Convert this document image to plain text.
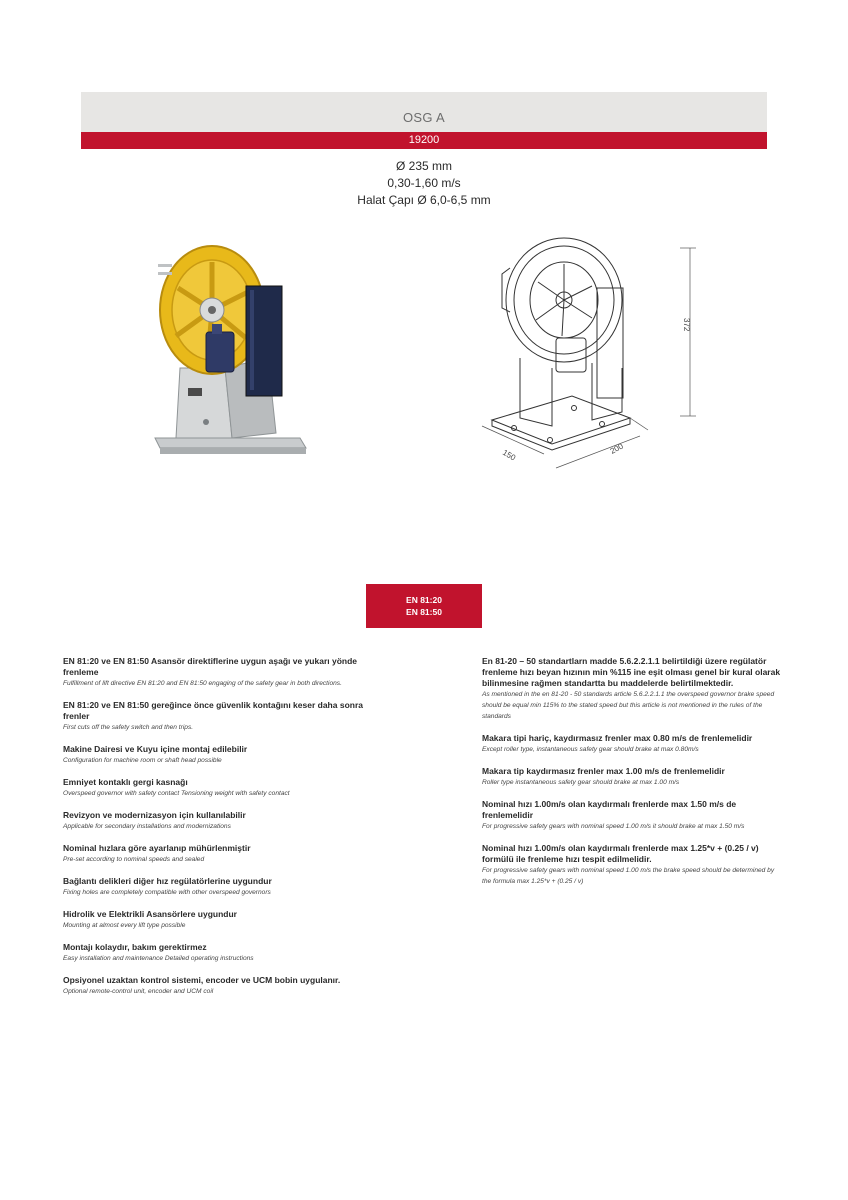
OSG A
19200
Ø 235 mm
0,30-1,60 m/s
Halat Çapı Ø 6,0-6,5 mm
372
200
150
EN 81:20
EN 81:50
EN 81:20 ve EN 81:50 Asansör direktiflerine uygun aşağı ve yukarı yönde frenleme
Fulfillment of lift directive EN 81:20 and EN 81:50 engaging of the safety gear in both directions.
EN 81:20 ve EN 81:50 gereğince önce güvenlik kontağını keser daha sonra frenler
First cuts off the safety switch and then trips.
Makine Dairesi ve Kuyu içine montaj edilebilir
Configuration for machine room or shaft head possible
Emniyet kontaklı gergi kasnağı
Overspeed governor with safety contact Tensioning weight with safety contact
Revizyon ve modernizasyon için kullanılabilir
Applicable for secondary installations and modernizations
Nominal hızlara göre ayarlanıp mühürlenmiştir
Pre-set according to nominal speeds and sealed
Bağlantı delikleri diğer hız regülatörlerine uygundur
Fixing holes are completely compatible with other overspeed governors
Hidrolik ve Elektrikli Asansörlere uygundur
Mounting at almost every lift type possible
Montajı kolaydır, bakım gerektirmez
Easy installation and maintenance Detailed operating instructions
Opsiyonel uzaktan kontrol sistemi, encoder ve UCM bobin uygulanır.
Optional remote-control unit, encoder and UCM coil
En 81-20 – 50 standartlarn madde 5.6.2.2.1.1 belirtildiği üzere regülatör frenleme hızı beyan hızının min %115 ine eşit olması genel bir kural olarak bilinmesine rağmen standartta bu maddelerde belirtilmektedir.
As mentioned in the en 81-20 - 50 standards article 5.6.2.2.1.1 the overspeed governor brake speed should be equal min 115% to the stated speed but this article is not mentioned in the rules of the standards
Makara tipi hariç, kaydırmasız frenler max 0.80 m/s de frenlemelidir
Except roller type, instantaneous safety gear should brake at max 0.80m/s
Makara tip kaydırmasız frenler max 1.00 m/s de frenlemelidir
Roller type instantaneous safety gear should brake at max 1.00 m/s
Nominal hızı 1.00m/s olan kaydırmalı frenlerde max 1.50 m/s de frenlemelidir
For progressive safety gears with nominal speed 1.00 m/s it should brake at max 1.50 m/s
Nominal hızı 1.00m/s olan kaydırmalı frenlerde max 1.25*v + (0.25 / v) formülü ile frenleme hızı tespit edilmelidir.
For progressive safety gears with nominal speed 1.00 m/s the brake speed should be determined by the formula max 1.25*v + (0.25 / v)
